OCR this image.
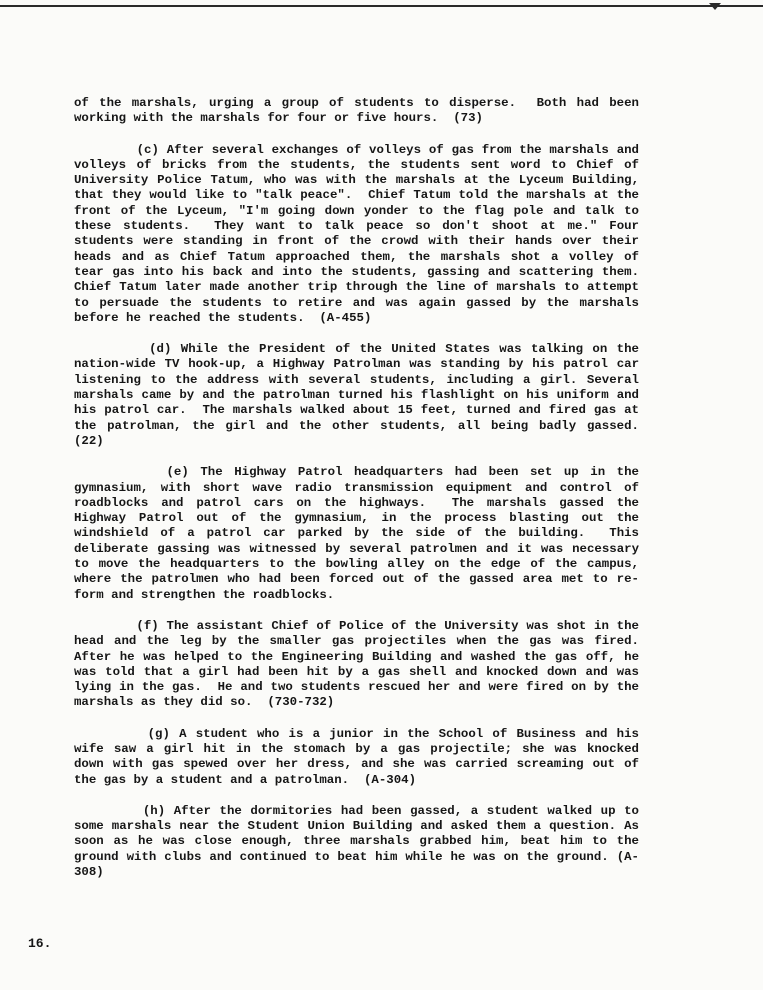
of the marshals, urging a group of students to disperse.  Both had been working with the marshals for four or five hours.  (73)

(c) After several exchanges of volleys of gas from the marshals and volleys of bricks from the students, the students sent word to Chief of University Police Tatum, who was with the marshals at the Lyceum Building, that they would like to "talk peace".  Chief Tatum told the marshals at the front of the Lyceum, "I'm going down yonder to the flag pole and talk to these students.  They want to talk peace so don't shoot at me." Four students were standing in front of the crowd with their hands over their heads and as Chief Tatum approached them, the marshals shot a volley of tear gas into his back and into the students, gassing and scattering them.  Chief Tatum later made another trip through the line of marshals to attempt to persuade the students to retire and was again gassed by the marshals before he reached the students.  (A-455)

(d) While the President of the United States was talking on the nation-wide TV hook-up, a Highway Patrolman was standing by his patrol car listening to the address with several students, including a girl. Several marshals came by and the patrolman turned his flashlight on his uniform and his patrol car.  The marshals walked about 15 feet, turned and fired gas at the patrolman, the girl and the other students, all being badly gassed. (22)

(e) The Highway Patrol headquarters had been set up in the gymnasium, with short wave radio transmission equipment and control of roadblocks and patrol cars on the highways.  The marshals gassed the Highway Patrol out of the gymnasium, in the process blasting out the windshield of a patrol car parked by the side of the building.  This deliberate gassing was witnessed by several patrolmen and it was necessary to move the headquarters to the bowling alley on the edge of the campus, where the patrolmen who had been forced out of the gassed area met to re-form and strengthen the roadblocks.

(f) The assistant Chief of Police of the University was shot in the head and the leg by the smaller gas projectiles when the gas was fired. After he was helped to the Engineering Building and washed the gas off, he was told that a girl had been hit by a gas shell and knocked down and was lying in the gas.  He and two students rescued her and were fired on by the marshals as they did so.  (730-732)

(g) A student who is a junior in the School of Business and his wife saw a girl hit in the stomach by a gas projectile; she was knocked down with gas spewed over her dress, and she was carried screaming out of the gas by a student and a patrolman.  (A-304)

(h) After the dormitories had been gassed, a student walked up to some marshals near the Student Union Building and asked them a question. As soon as he was close enough, three marshals grabbed him, beat him to the ground with clubs and continued to beat him while he was on the ground. (A-308)

16.
